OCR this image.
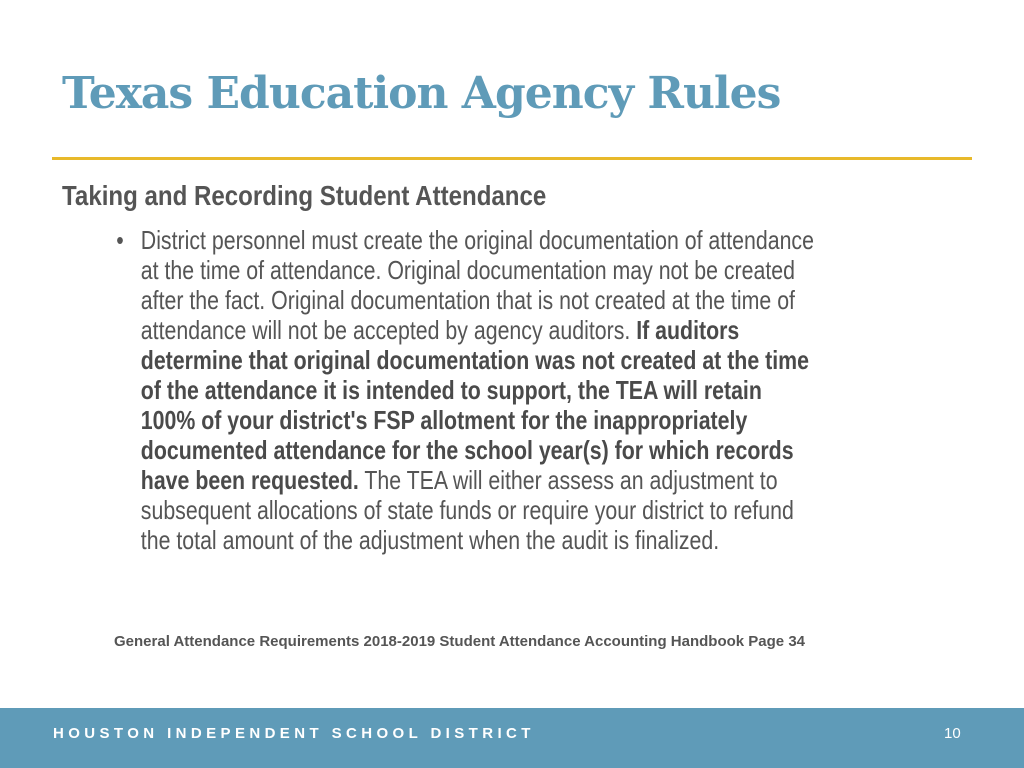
Texas Education Agency Rules
Taking and Recording Student Attendance
• District personnel must create the original documentation of attendance
at the time of attendance. Original documentation may not be created
after the fact. Original documentation that is not created at the time of
attendance will not be accepted by agency auditors. If auditors
determine that original documentation was not created at the time
of the attendance it is intended to support, the TEA will retain
100% of your district's FSP allotment for the inappropriately
documented attendance for the school year(s) for which records
have been requested. The TEA will either assess an adjustment to
subsequent allocations of state funds or require your district to refund
the total amount of the adjustment when the audit is finalized.

General Attendance Requirements 2018-2019 Student Attendance Accounting Handbook Page 34

HOUSTON INDEPENDENT SCHOOL DISTRICT	10
